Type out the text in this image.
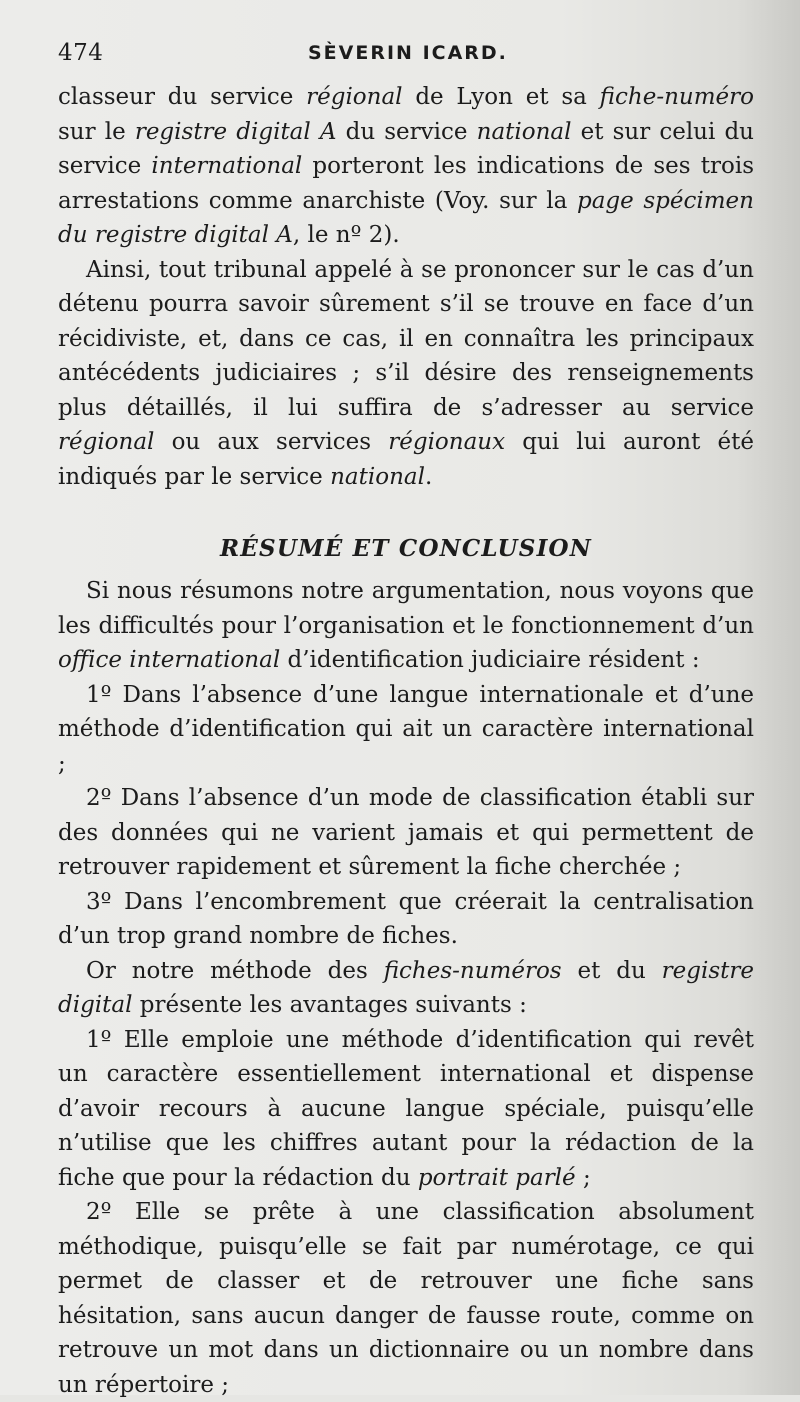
474	SÈVERIN ICARD.

classeur du service régional de Lyon et sa fiche-numéro sur le registre digital A du service national et sur celui du service international porteront les indications de ses trois arrestations comme anarchiste (Voy. sur la page spécimen du registre digital A, le nº 2).

Ainsi, tout tribunal appelé à se prononcer sur le cas d’un détenu pourra savoir sûrement s’il se trouve en face d’un récidiviste, et, dans ce cas, il en connaîtra les principaux antécédents judiciaires ; s’il désire des renseignements plus détaillés, il lui suffira de s’adresser au service régional ou aux services régionaux qui lui auront été indiqués par le service national.

RÉSUMÉ ET CONCLUSION

Si nous résumons notre argumentation, nous voyons que les difficultés pour l’organisation et le fonctionnement d’un office international d’identification judiciaire résident :

1º Dans l’absence d’une langue internationale et d’une méthode d’identification qui ait un caractère international ;

2º Dans l’absence d’un mode de classification établi sur des données qui ne varient jamais et qui permettent de retrouver rapidement et sûrement la fiche cherchée ;

3º Dans l’encombrement que créerait la centralisation d’un trop grand nombre de fiches.

Or notre méthode des fiches-numéros et du registre digital présente les avantages suivants :

1º Elle emploie une méthode d’identification qui revêt un caractère essentiellement international et dispense d’avoir recours à aucune langue spéciale, puisqu’elle n’utilise que les chiffres autant pour la rédaction de la fiche que pour la rédaction du portrait parlé ;

2º Elle se prête à une classification absolument méthodique, puisqu’elle se fait par numérotage, ce qui permet de classer et de retrouver une fiche sans hésitation, sans aucun danger de fausse route, comme on retrouve un mot dans un dictionnaire ou un nombre dans un répertoire ;
